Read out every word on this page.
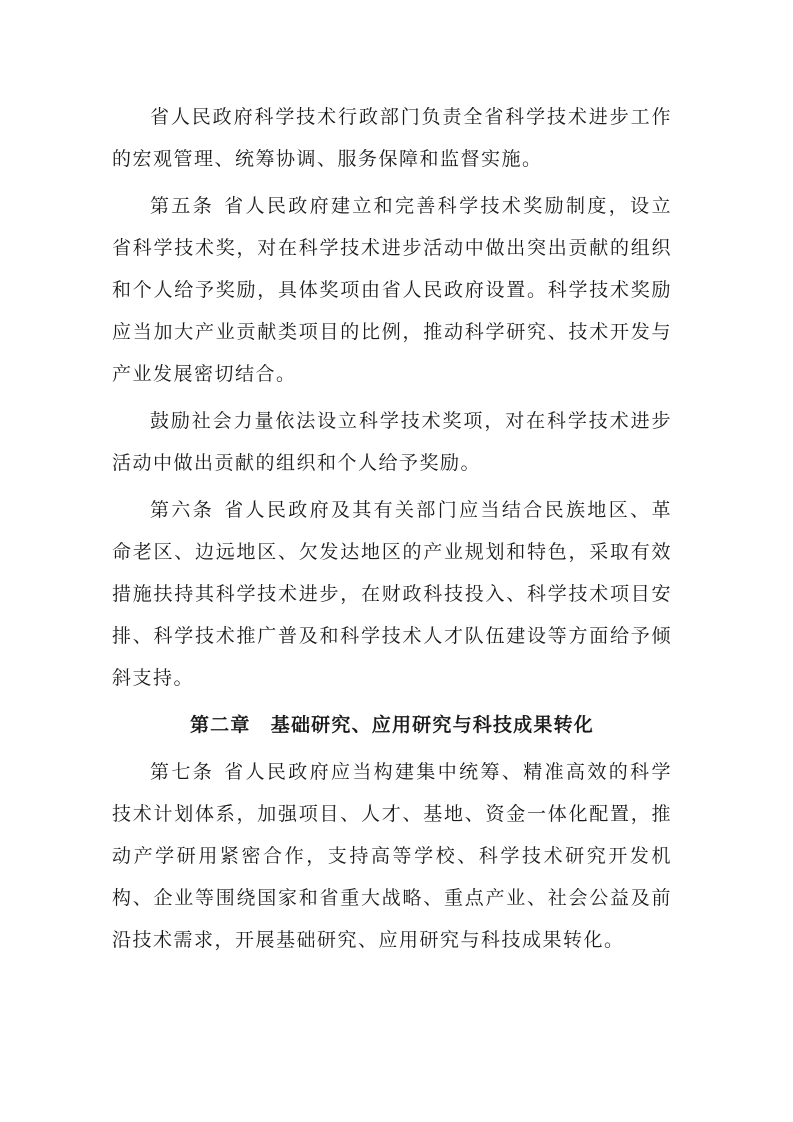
省人民政府科学技术行政部门负责全省科学技术进步工作的宏观管理、统筹协调、服务保障和监督实施。

第五条 省人民政府建立和完善科学技术奖励制度，设立省科学技术奖，对在科学技术进步活动中做出突出贡献的组织和个人给予奖励，具体奖项由省人民政府设置。科学技术奖励应当加大产业贡献类项目的比例，推动科学研究、技术开发与产业发展密切结合。

鼓励社会力量依法设立科学技术奖项，对在科学技术进步活动中做出贡献的组织和个人给予奖励。

第六条 省人民政府及其有关部门应当结合民族地区、革命老区、边远地区、欠发达地区的产业规划和特色，采取有效措施扶持其科学技术进步，在财政科技投入、科学技术项目安排、科学技术推广普及和科学技术人才队伍建设等方面给予倾斜支持。

第二章　基础研究、应用研究与科技成果转化

第七条 省人民政府应当构建集中统筹、精准高效的科学技术计划体系，加强项目、人才、基地、资金一体化配置，推动产学研用紧密合作，支持高等学校、科学技术研究开发机构、企业等围绕国家和省重大战略、重点产业、社会公益及前沿技术需求，开展基础研究、应用研究与科技成果转化。
